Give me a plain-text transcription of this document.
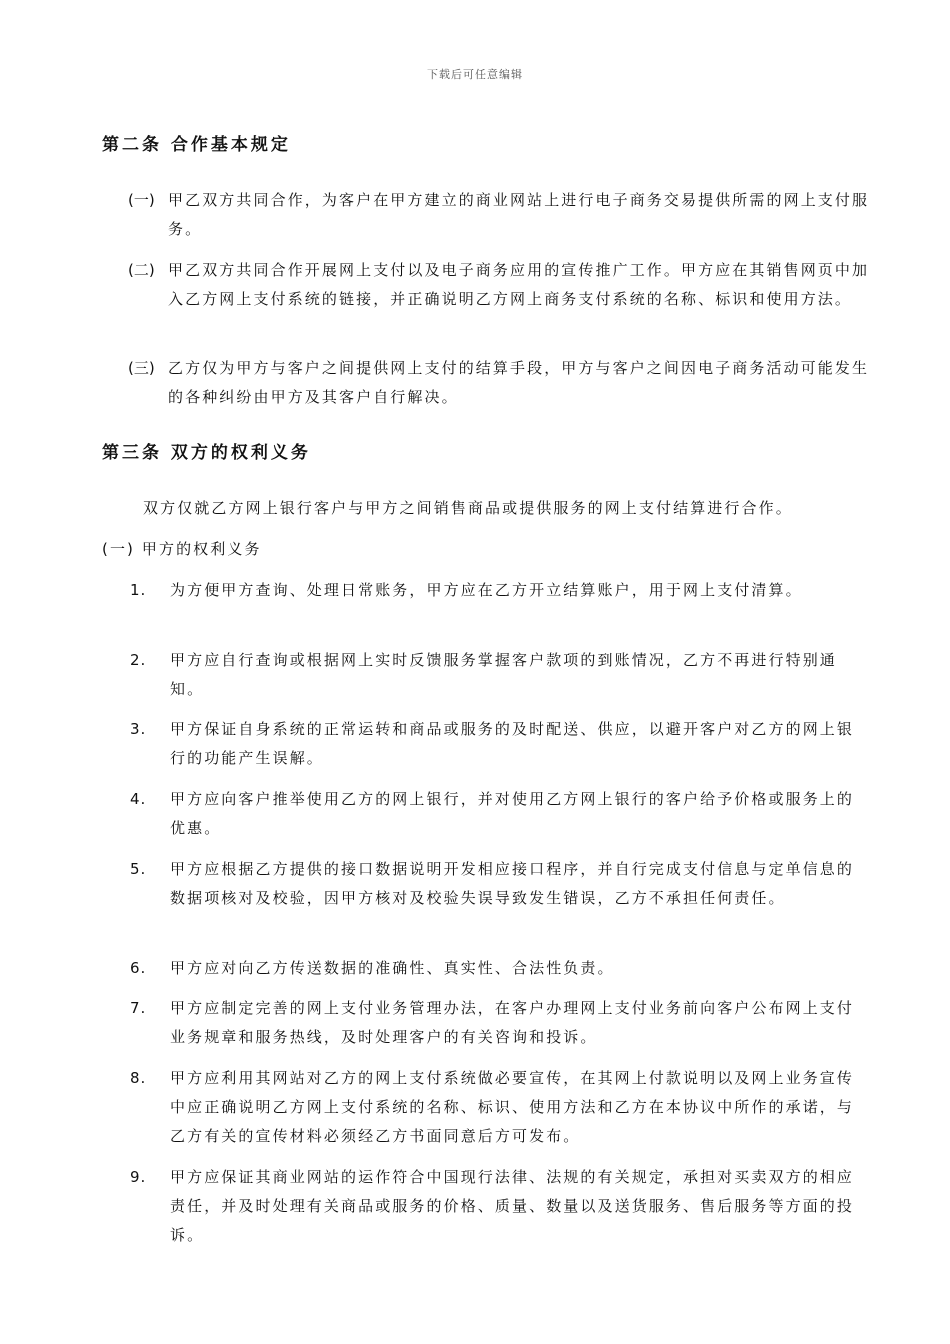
下载后可任意编辑
第二条 合作基本规定
(一) 甲乙双方共同合作，为客户在甲方建立的商业网站上进行电子商务交易提供所需的网上支付服务。
(二) 甲乙双方共同合作开展网上支付以及电子商务应用的宣传推广工作。甲方应在其销售网页中加入乙方网上支付系统的链接，并正确说明乙方网上商务支付系统的名称、标识和使用方法。
(三) 乙方仅为甲方与客户之间提供网上支付的结算手段，甲方与客户之间因电子商务活动可能发生的各种纠纷由甲方及其客户自行解决。
第三条 双方的权利义务
双方仅就乙方网上银行客户与甲方之间销售商品或提供服务的网上支付结算进行合作。
(一) 甲方的权利义务
1. 为方便甲方查询、处理日常账务，甲方应在乙方开立结算账户，用于网上支付清算。
2. 甲方应自行查询或根据网上实时反馈服务掌握客户款项的到账情况，乙方不再进行特别通知。
3. 甲方保证自身系统的正常运转和商品或服务的及时配送、供应，以避开客户对乙方的网上银行的功能产生误解。
4. 甲方应向客户推举使用乙方的网上银行，并对使用乙方网上银行的客户给予价格或服务上的优惠。
5. 甲方应根据乙方提供的接口数据说明开发相应接口程序，并自行完成支付信息与定单信息的数据项核对及校验，因甲方核对及校验失误导致发生错误，乙方不承担任何责任。
6. 甲方应对向乙方传送数据的准确性、真实性、合法性负责。
7. 甲方应制定完善的网上支付业务管理办法，在客户办理网上支付业务前向客户公布网上支付业务规章和服务热线，及时处理客户的有关咨询和投诉。
8. 甲方应利用其网站对乙方的网上支付系统做必要宣传，在其网上付款说明以及网上业务宣传中应正确说明乙方网上支付系统的名称、标识、使用方法和乙方在本协议中所作的承诺，与乙方有关的宣传材料必须经乙方书面同意后方可发布。
9. 甲方应保证其商业网站的运作符合中国现行法律、法规的有关规定，承担对买卖双方的相应责任，并及时处理有关商品或服务的价格、质量、数量以及送货服务、售后服务等方面的投诉。
